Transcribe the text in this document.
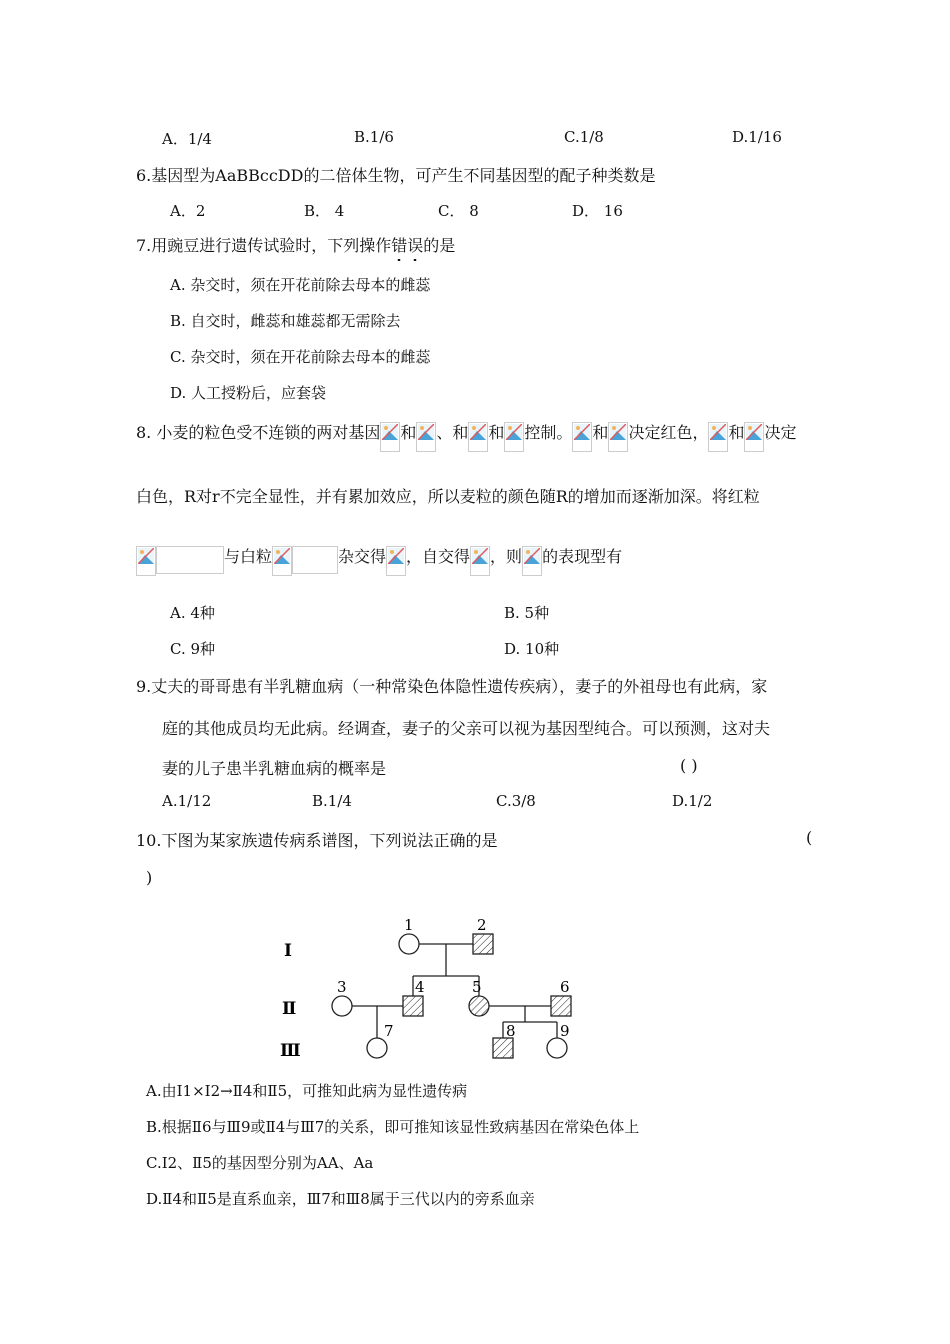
A．1/4	B.1/6	C.1/8	D.1/16
6.基因型为AaBBccDD的二倍体生物，可产生不同基因型的配子种类数是
A．2	B． 4	C． 8	D． 16
7.用豌豆进行遗传试验时，下列操作错误的是
A. 杂交时，须在开花前除去母本的雌蕊
B. 自交时，雌蕊和雄蕊都无需除去
C. 杂交时，须在开花前除去母本的雌蕊
D. 人工授粉后，应套袋
8. 小麦的粒色受不连锁的两对基因 和 、和 和 控制。 和 决定红色， 和 决定
白色，R对r不完全显性，并有累加效应，所以麦粒的颜色随R的增加而逐渐加深。将红粒
与白粒	杂交得 ，自交得 ，则 的表现型有
A. 4种	B. 5种
C. 9种	D. 10种
9.丈夫的哥哥患有半乳糖血病（一种常染色体隐性遗传疾病），妻子的外祖母也有此病，家
庭的其他成员均无此病。经调查，妻子的父亲可以视为基因型纯合。可以预测，这对夫
妻的儿子患半乳糖血病的概率是	( )
A.1/12	B.1/4	C.3/8	D.1/2
10.下图为某家族遗传病系谱图，下列说法正确的是	(
)
Ⅰ
Ⅱ
Ⅲ
1	2
3	4	5	6
7	8	9
A.由Ⅰ1×Ⅰ2→Ⅱ4和Ⅱ5，可推知此病为显性遗传病
B.根据Ⅱ6与Ⅲ9或Ⅱ4与Ⅲ7的关系，即可推知该显性致病基因在常染色体上
C.Ⅰ2、Ⅱ5的基因型分别为AA、Aa
D.Ⅱ4和Ⅱ5是直系血亲，Ⅲ7和Ⅲ8属于三代以内的旁系血亲
